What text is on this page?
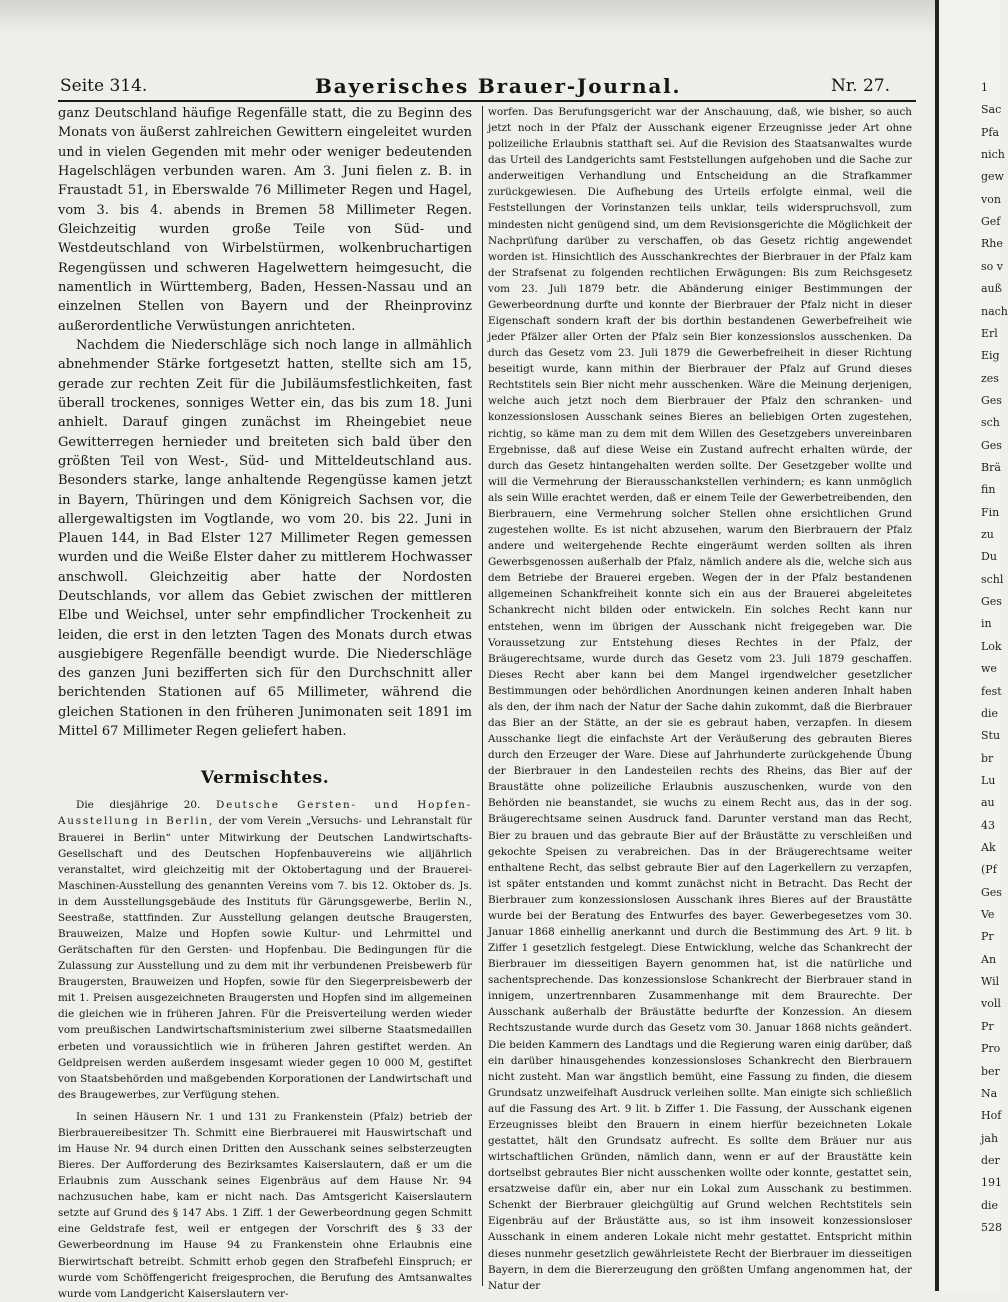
Seite 314.	Bayerisches Brauer-Journal.	Nr. 27.

ganz Deutschland häufige Regenfälle statt, die zu Beginn des Monats von äußerst zahlreichen Gewittern eingeleitet wurden und in vielen Gegenden mit mehr oder weniger bedeutenden Hagelschlägen verbunden waren. Am 3. Juni fielen z. B. in Fraustadt 51, in Eberswalde 76 Millimeter Regen und Hagel, vom 3. bis 4. abends in Bremen 58 Millimeter Regen. Gleichzeitig wurden große Teile von Süd- und Westdeutschland von Wirbelstürmen, wolkenbruchartigen Regengüssen und schweren Hagelwettern heimgesucht, die namentlich in Württemberg, Baden, Hessen-Nassau und an einzelnen Stellen von Bayern und der Rheinprovinz außerordentliche Verwüstungen anrichteten.

Nachdem die Niederschläge sich noch lange in allmählich abnehmender Stärke fortgesetzt hatten, stellte sich am 15, gerade zur rechten Zeit für die Jubiläumsfestlichkeiten, fast überall trockenes, sonniges Wetter ein, das bis zum 18. Juni anhielt. Darauf gingen zunächst im Rheingebiet neue Gewitterregen hernieder und breiteten sich bald über den größten Teil von West-, Süd- und Mitteldeutschland aus. Besonders starke, lange anhaltende Regengüsse kamen jetzt in Bayern, Thüringen und dem Königreich Sachsen vor, die allergewaltigsten im Vogtlande, wo vom 20. bis 22. Juni in Plauen 144, in Bad Elster 127 Millimeter Regen gemessen wurden und die Weiße Elster daher zu mittlerem Hochwasser anschwoll. Gleichzeitig aber hatte der Nordosten Deutschlands, vor allem das Gebiet zwischen der mittleren Elbe und Weichsel, unter sehr empfindlicher Trockenheit zu leiden, die erst in den letzten Tagen des Monats durch etwas ausgiebigere Regenfälle beendigt wurde. Die Niederschläge des ganzen Juni bezifferten sich für den Durchschnitt aller berichtenden Stationen auf 65 Millimeter, während die gleichen Stationen in den früheren Junimonaten seit 1891 im Mittel 67 Millimeter Regen geliefert haben.

Vermischtes.

Die diesjährige 20. Deutsche Gersten- und Hopfen-Ausstellung in Berlin, der vom Verein „Versuchs- und Lehranstalt für Brauerei in Berlin“ unter Mitwirkung der Deutschen Landwirtschafts-Gesellschaft und des Deutschen Hopfenbauvereins wie alljährlich veranstaltet, wird gleichzeitig mit der Oktobertagung und der Brauerei-Maschinen-Ausstellung des genannten Vereins vom 7. bis 12. Oktober ds. Js. in dem Ausstellungsgebäude des Instituts für Gärungsgewerbe, Berlin N., Seestraße, stattfinden. Zur Ausstellung gelangen deutsche Braugersten, Brauweizen, Malze und Hopfen sowie Kultur- und Lehrmittel und Gerätschaften für den Gersten- und Hopfenbau. Die Bedingungen für die Zulassung zur Ausstellung und zu dem mit ihr verbundenen Preisbewerb für Braugersten, Brauweizen und Hopfen, sowie für den Siegerpreisbewerb der mit 1. Preisen ausgezeichneten Braugersten und Hopfen sind im allgemeinen die gleichen wie in früheren Jahren. Für die Preisverteilung werden wieder vom preußischen Landwirtschaftsministerium zwei silberne Staatsmedaillen erbeten und voraussichtlich wie in früheren Jahren gestiftet werden. An Geldpreisen werden außerdem insgesamt wieder gegen 10 000 M, gestiftet von Staatsbehörden und maßgebenden Korporationen der Landwirtschaft und des Braugewerbes, zur Verfügung stehen.

In seinen Häusern Nr. 1 und 131 zu Frankenstein (Pfalz) betrieb der Bierbrauereibesitzer Th. Schmitt eine Bierbrauerei mit Hauswirtschaft und im Hause Nr. 94 durch einen Dritten den Ausschank seines selbsterzeugten Bieres. Der Aufforderung des Bezirksamtes Kaiserslautern, daß er um die Erlaubnis zum Ausschank seines Eigenbräus auf dem Hause Nr. 94 nachzusuchen habe, kam er nicht nach. Das Amtsgericht Kaiserslautern setzte auf Grund des § 147 Abs. 1 Ziff. 1 der Gewerbeordnung gegen Schmitt eine Geldstrafe fest, weil er entgegen der Vorschrift des § 33 der Gewerbeordnung im Hause 94 zu Frankenstein ohne Erlaubnis eine Bierwirtschaft betreibt. Schmitt erhob gegen den Strafbefehl Einspruch; er wurde vom Schöffengericht freigesprochen, die Berufung des Amtsanwaltes wurde vom Landgericht Kaiserslautern ver-

worfen. Das Berufungsgericht war der Anschauung, daß, wie bisher, so auch jetzt noch in der Pfalz der Ausschank eigener Erzeugnisse jeder Art ohne polizeiliche Erlaubnis statthaft sei. Auf die Revision des Staatsanwaltes wurde das Urteil des Landgerichts samt Feststellungen aufgehoben und die Sache zur anderweitigen Verhandlung und Entscheidung an die Strafkammer zurückgewiesen. Die Aufhebung des Urteils erfolgte einmal, weil die Feststellungen der Vorinstanzen teils unklar, teils widerspruchsvoll, zum mindesten nicht genügend sind, um dem Revisionsgerichte die Möglichkeit der Nachprüfung darüber zu verschaffen, ob das Gesetz richtig angewendet worden ist. Hinsichtlich des Ausschankrechtes der Bierbrauer in der Pfalz kam der Strafsenat zu folgenden rechtlichen Erwägungen: Bis zum Reichsgesetz vom 23. Juli 1879 betr. die Abänderung einiger Bestimmungen der Gewerbeordnung durfte und konnte der Bierbrauer der Pfalz nicht in dieser Eigenschaft sondern kraft der bis dorthin bestandenen Gewerbefreiheit wie jeder Pfälzer aller Orten der Pfalz sein Bier konzessionslos ausschenken. Da durch das Gesetz vom 23. Juli 1879 die Gewerbefreiheit in dieser Richtung beseitigt wurde, kann mithin der Bierbrauer der Pfalz auf Grund dieses Rechtstitels sein Bier nicht mehr ausschenken. Wäre die Meinung derjenigen, welche auch jetzt noch dem Bierbrauer der Pfalz den schranken- und konzessionslosen Ausschank seines Bieres an beliebigen Orten zugestehen, richtig, so käme man zu dem mit dem Willen des Gesetzgebers unvereinbaren Ergebnisse, daß auf diese Weise ein Zustand aufrecht erhalten würde, der durch das Gesetz hintangehalten werden sollte. Der Gesetzgeber wollte und will die Vermehrung der Bierausschankstellen verhindern; es kann unmöglich als sein Wille erachtet werden, daß er einem Teile der Gewerbetreibenden, den Bierbrauern, eine Vermehrung solcher Stellen ohne ersichtlichen Grund zugestehen wollte. Es ist nicht abzusehen, warum den Bierbrauern der Pfalz andere und weitergehende Rechte eingeräumt werden sollten als ihren Gewerbsgenossen außerhalb der Pfalz, nämlich andere als die, welche sich aus dem Betriebe der Brauerei ergeben. Wegen der in der Pfalz bestandenen allgemeinen Schankfreiheit konnte sich ein aus der Brauerei abgeleitetes Schankrecht nicht bilden oder entwickeln. Ein solches Recht kann nur entstehen, wenn im übrigen der Ausschank nicht freigegeben war. Die Voraussetzung zur Entstehung dieses Rechtes in der Pfalz, der Bräugerechtsame, wurde durch das Gesetz vom 23. Juli 1879 geschaffen. Dieses Recht aber kann bei dem Mangel irgendwelcher gesetzlicher Bestimmungen oder behördlichen Anordnungen keinen anderen Inhalt haben als den, der ihm nach der Natur der Sache dahin zukommt, daß die Bierbrauer das Bier an der Stätte, an der sie es gebraut haben, verzapfen. In diesem Ausschanke liegt die einfachste Art der Veräußerung des gebrauten Bieres durch den Erzeuger der Ware. Diese auf Jahrhunderte zurückgehende Übung der Bierbrauer in den Landesteilen rechts des Rheins, das Bier auf der Braustätte ohne polizeiliche Erlaubnis auszuschenken, wurde von den Behörden nie beanstandet, sie wuchs zu einem Recht aus, das in der sog. Bräugerechtsame seinen Ausdruck fand. Darunter verstand man das Recht, Bier zu brauen und das gebraute Bier auf der Bräustätte zu verschleißen und gekochte Speisen zu verabreichen. Das in der Bräugerechtsame weiter enthaltene Recht, das selbst gebraute Bier auf den Lagerkellern zu verzapfen, ist später entstanden und kommt zunächst nicht in Betracht. Das Recht der Bierbrauer zum konzessionslosen Ausschank ihres Bieres auf der Braustätte wurde bei der Beratung des Entwurfes des bayer. Gewerbegesetzes vom 30. Januar 1868 einhellig anerkannt und durch die Bestimmung des Art. 9 lit. b Ziffer 1 gesetzlich festgelegt. Diese Entwicklung, welche das Schankrecht der Bierbrauer im diesseitigen Bayern genommen hat, ist die natürliche und sachentsprechende. Das konzessionslose Schankrecht der Bierbrauer stand in innigem, unzertrennbaren Zusammenhange mit dem Braurechte. Der Ausschank außerhalb der Bräustätte bedurfte der Konzession. An diesem Rechtszustande wurde durch das Gesetz vom 30. Januar 1868 nichts geändert. Die beiden Kammern des Landtags und die Regierung waren einig darüber, daß ein darüber hinausgehendes konzessionsloses Schankrecht den Bierbrauern nicht zusteht. Man war ängstlich bemüht, eine Fassung zu finden, die diesem Grundsatz unzweifelhaft Ausdruck verleihen sollte. Man einigte sich schließlich auf die Fassung des Art. 9 lit. b Ziffer 1. Die Fassung, der Ausschank eigenen Erzeugnisses bleibt den Brauern in einem hierfür bezeichneten Lokale gestattet, hält den Grundsatz aufrecht. Es sollte dem Bräuer nur aus wirtschaftlichen Gründen, nämlich dann, wenn er auf der Braustätte kein dortselbst gebrautes Bier nicht ausschenken wollte oder konnte, gestattet sein, ersatzweise dafür ein, aber nur ein Lokal zum Ausschank zu bestimmen. Schenkt der Bierbrauer gleichgültig auf Grund welchen Rechtstitels sein Eigenbräu auf der Bräustätte aus, so ist ihm insoweit konzessionsloser Ausschank in einem anderen Lokale nicht mehr gestattet. Entspricht mithin dieses nunmehr gesetzlich gewährleistete Recht der Bierbrauer im diesseitigen Bayern, in dem die Biererzeugung den größten Umfang angenommen hat, der Natur der

1
Sac
Pfa
nich
gew
von
Gef
Rhe
so v
auß
nach
Erl
Eig
zes
Ges
sch
Ges
Brä
fin
Fin
zu
Du
schl
Ges
in
Lok
we
fest
die
Stu
br
Lu
au
43
Ak
(Pf
Ges
Ve
Pr
An
Wil
voll
Pr
Pro
ber
Na
Hof
jah
der
191
die
528
